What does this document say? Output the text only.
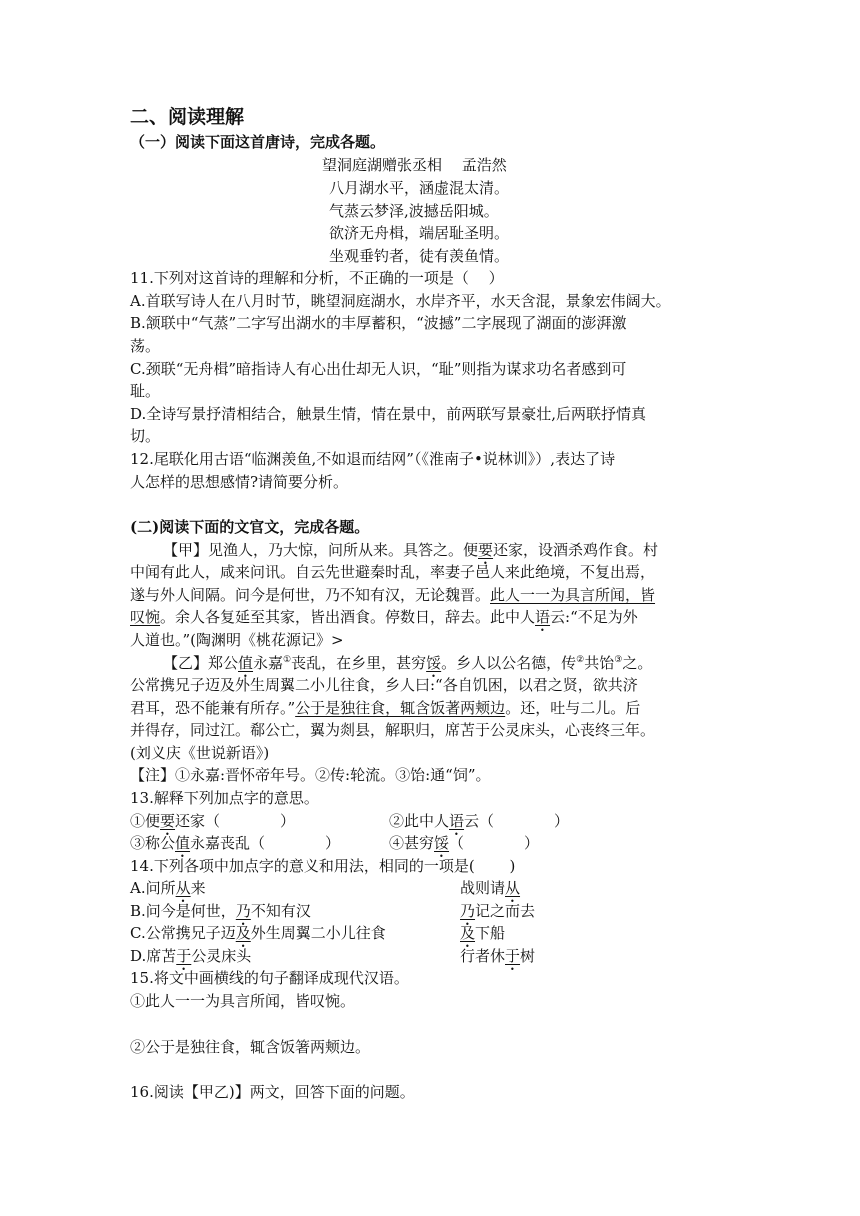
二、阅读理解
（一）阅读下面这首唐诗，完成各题。
望洞庭湖赠张丞相　 孟浩然
八月湖水平，涵虚混太清。
气蒸云梦泽,波撼岳阳城。
欲济无舟楫，端居耻圣明。
坐观垂钓者，徒有羡鱼情。
11.下列对这首诗的理解和分析，不正确的一项是（　 ）
A.首联写诗人在八月时节，眺望洞庭湖水，水岸齐平，水天含混，景象宏伟阔大。
B.颔联中“气蒸”二字写出湖水的丰厚蓄积，“波撼”二字展现了湖面的澎湃激
荡。
C.颈联“无舟楫”暗指诗人有心出仕却无人识，“耻”则指为谋求功名者感到可
耻。
D.全诗写景抒清相结合，触景生情，情在景中，前两联写景豪壮,后两联抒情真
切。
12.尾联化用古语“临渊羡鱼,不如退而结网”（《淮南子•说林训》）,表达了诗
人怎样的思想感情?请简要分析。
(二)阅读下面的文官文，完成各题。
【甲】见渔人，乃大惊，问所从来。具答之。便要还家，设酒杀鸡作食。村
中闻有此人，咸来问讯。自云先世避秦时乱，率妻子邑人来此绝境，不复出焉，
遂与外人间隔。问今是何世，乃不知有汉，无论魏晋。此人一一为具言所闻，皆
叹惋。余人各复延至其家，皆出酒食。停数日，辞去。此中人语云:“不足为外
人道也。”(陶渊明《桃花源记》>
【乙】郑公值永嘉①丧乱，在乡里，甚穷馁。乡人以公名德，传②共饴③之。
公常携兄子迈及外生周翼二小儿往食，乡人曰:“各自饥困，以君之贤，欲共济
君耳，恐不能兼有所存。”公于是独往食，辄含饭著两颊边。还，吐与二儿。后
并得存，同过江。郗公亡，翼为剡县，解职归，席苫于公灵床头，心丧终三年。
(刘义庆《世说新语》)
【注】①永嘉:晋怀帝年号。②传:轮流。③饴:通“饲”。
13.解释下列加点字的意思。
①便要还家（　　　　）	②此中人语云（　　　　）
③称公值永嘉丧乱（　　　　）	④甚穷馁（　　　　）
14.下列各项中加点字的意义和用法，相同的一项是(　　 )
A.问所从来	战则请从
B.问今是何世，乃不知有汉	乃记之而去
C.公常携兄子迈及外生周翼二小儿往食	及下船
D.席苫于公灵床头	行者休于树
15.将文中画横线的句子翻译成现代汉语。
①此人一一为具言所闻，皆叹惋。
②公于是独往食，辄含饭箸两颊边。
16.阅读【甲乙)】两文，回答下面的问题。
